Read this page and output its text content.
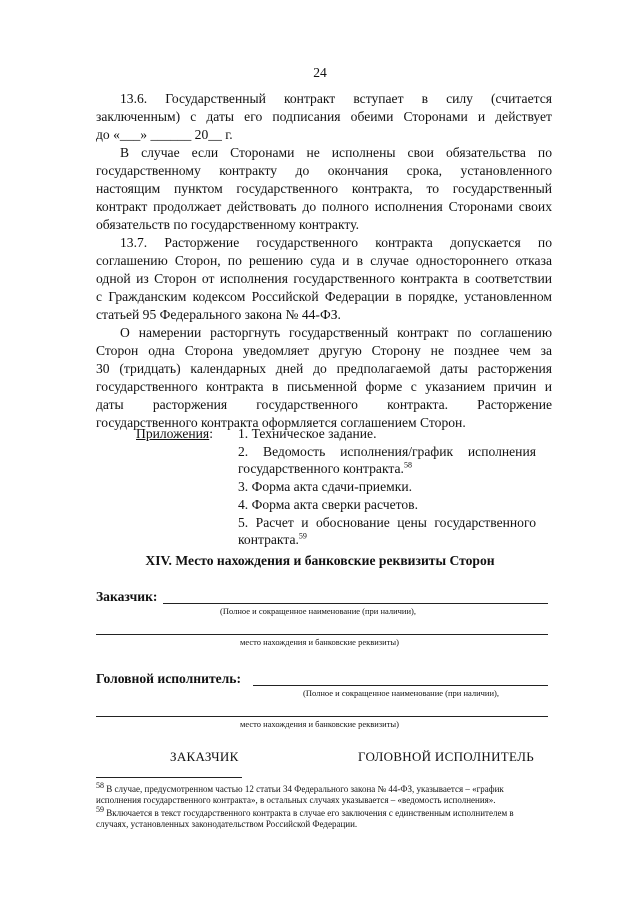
24
13.6. Государственный контракт вступает в силу (считается
заключенным) с даты его подписания обеими Сторонами и действует
до «___» ______ 20__ г.
В случае если Сторонами не исполнены свои обязательства по
государственному контракту до окончания срока, установленного
настоящим пунктом государственного контракта, то государственный
контракт продолжает действовать до полного исполнения Сторонами своих
обязательств по государственному контракту.
13.7. Расторжение государственного контракта допускается по
соглашению Сторон, по решению суда и в случае одностороннего отказа
одной из Сторон от исполнения государственного контракта в соответствии
с Гражданским кодексом Российской Федерации в порядке, установленном
статьей 95 Федерального закона № 44-ФЗ.
О намерении расторгнуть государственный контракт по соглашению
Сторон одна Сторона уведомляет другую Сторону не позднее чем за
30 (тридцать) календарных дней до предполагаемой даты расторжения
государственного контракта в письменной форме с указанием причин и
даты расторжения государственного контракта. Расторжение
государственного контракта оформляется соглашением Сторон.
Приложения: 1. Техническое задание.
2. Ведомость исполнения/график исполнения
государственного контракта.$^{58}$
3. Форма акта сдачи-приемки.
4. Форма акта сверки расчетов.
5. Расчет и обоснование цены государственного
контракта.$^{59}$
XIV. Место нахождения и банковские реквизиты Сторон
Заказчик:
(Полное и сокращенное наименование (при наличии),
место нахождения и банковские реквизиты)
Головной исполнитель:
(Полное и сокращенное наименование (при наличии),
место нахождения и банковские реквизиты)
ЗАКАЗЧИК	ГОЛОВНОЙ ИСПОЛНИТЕЛЬ
$^{58}$ В случае, предусмотренном частью 12 статьи 34 Федерального закона № 44-ФЗ, указывается – «график исполнения государственного контракта», в остальных случаях указывается – «ведомость исполнения».
$^{59}$ Включается в текст государственного контракта в случае его заключения с единственным исполнителем в случаях, установленных законодательством Российской Федерации.
